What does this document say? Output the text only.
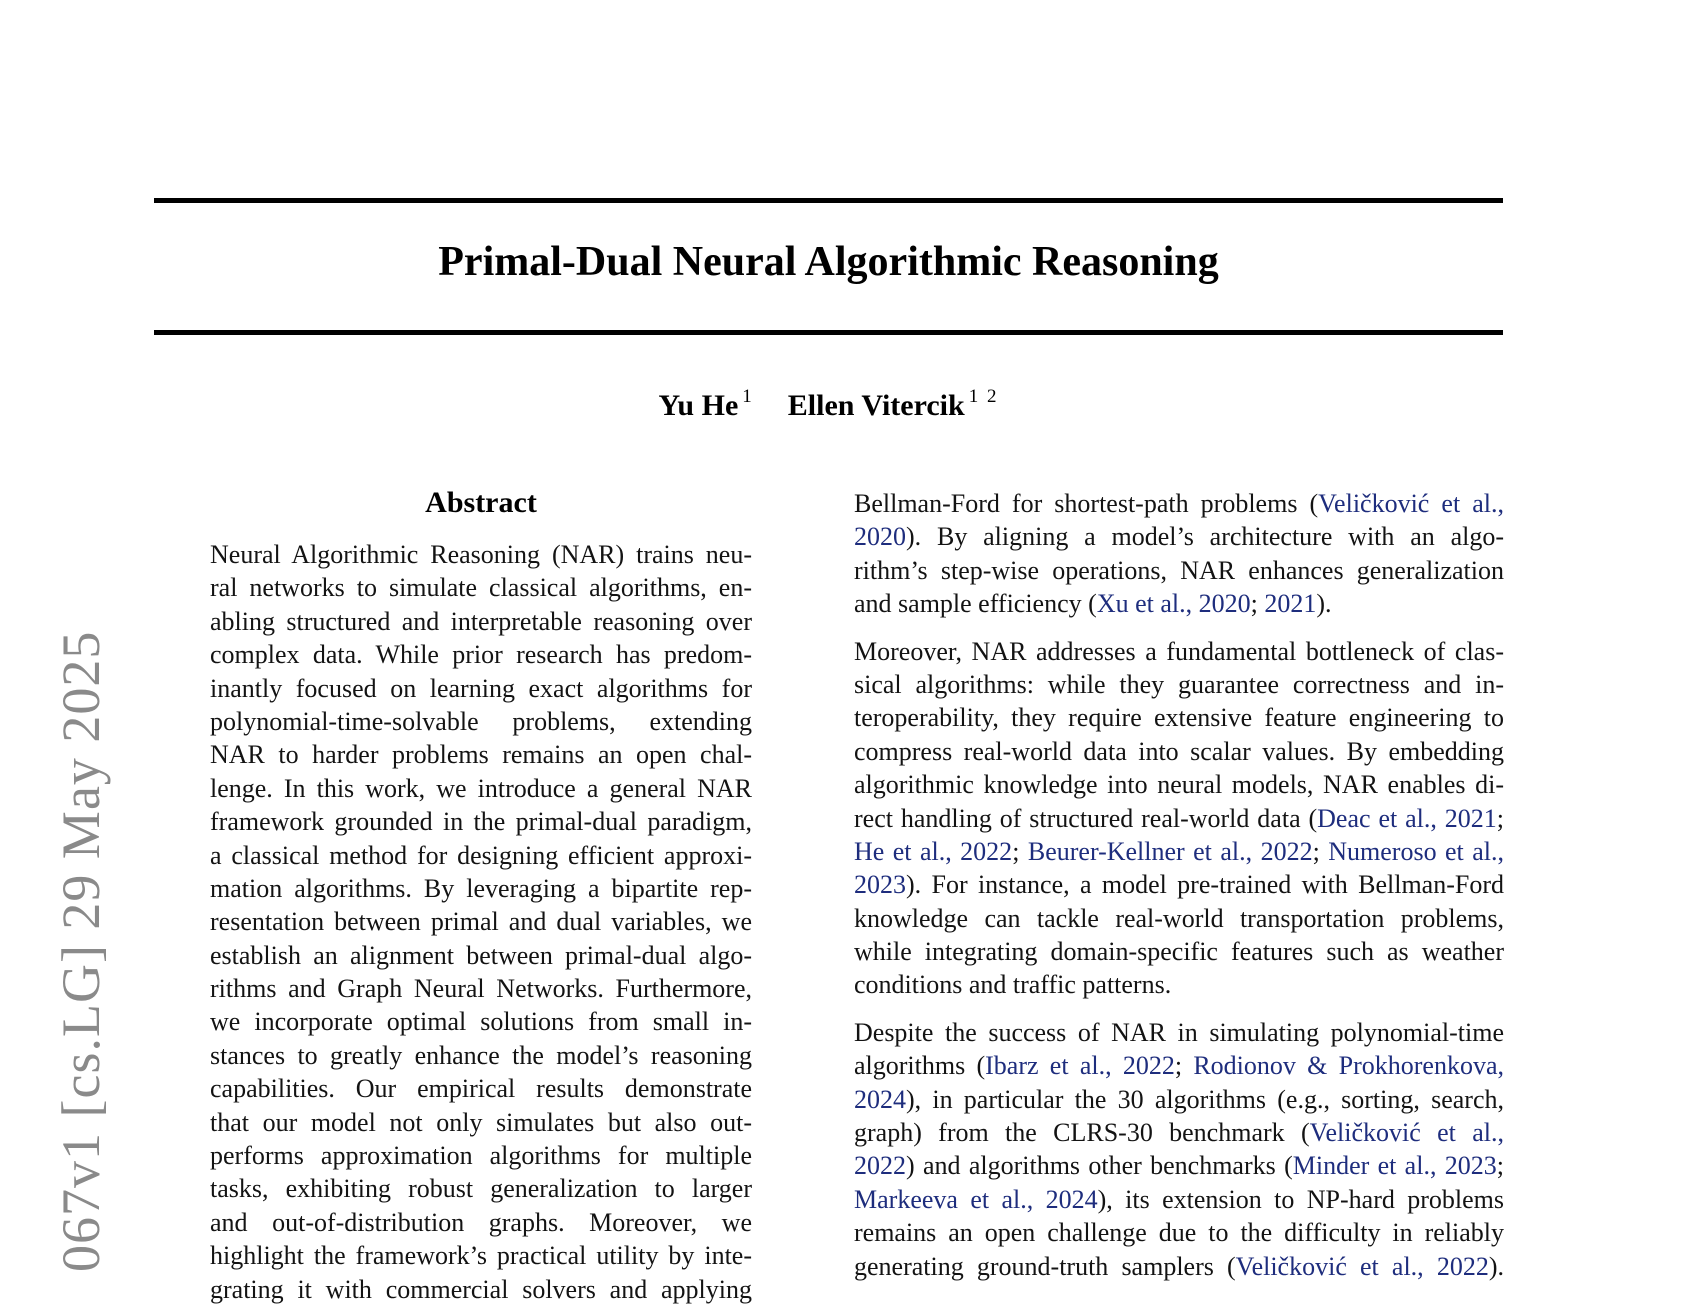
067v1 [cs.LG] 29 May 2025
Primal-Dual Neural Algorithmic Reasoning
Yu He $^1$ Ellen Vitercik $^{1 2}$
Abstract
Neural Algorithmic Reasoning (NAR) trains neu-
ral networks to simulate classical algorithms, en-
abling structured and interpretable reasoning over
complex data. While prior research has predom-
inantly focused on learning exact algorithms for
polynomial-time-solvable problems, extending
NAR to harder problems remains an open chal-
lenge. In this work, we introduce a general NAR
framework grounded in the primal-dual paradigm,
a classical method for designing efficient approxi-
mation algorithms. By leveraging a bipartite rep-
resentation between primal and dual variables, we
establish an alignment between primal-dual algo-
rithms and Graph Neural Networks. Furthermore,
we incorporate optimal solutions from small in-
stances to greatly enhance the model’s reasoning
capabilities. Our empirical results demonstrate
that our model not only simulates but also out-
performs approximation algorithms for multiple
tasks, exhibiting robust generalization to larger
and out-of-distribution graphs. Moreover, we
highlight the framework’s practical utility by inte-
grating it with commercial solvers and applying
Bellman-Ford for shortest-path problems (Veličković et al.,
2020). By aligning a model’s architecture with an algo-
rithm’s step-wise operations, NAR enhances generalization
and sample efficiency (Xu et al., 2020; 2021).
Moreover, NAR addresses a fundamental bottleneck of clas-
sical algorithms: while they guarantee correctness and in-
teroperability, they require extensive feature engineering to
compress real-world data into scalar values. By embedding
algorithmic knowledge into neural models, NAR enables di-
rect handling of structured real-world data (Deac et al., 2021;
He et al., 2022; Beurer-Kellner et al., 2022; Numeroso et al.,
2023). For instance, a model pre-trained with Bellman-Ford
knowledge can tackle real-world transportation problems,
while integrating domain-specific features such as weather
conditions and traffic patterns.
Despite the success of NAR in simulating polynomial-time
algorithms (Ibarz et al., 2022; Rodionov & Prokhorenkova,
2024), in particular the 30 algorithms (e.g., sorting, search,
graph) from the CLRS-30 benchmark (Veličković et al.,
2022) and algorithms other benchmarks (Minder et al., 2023;
Markeeva et al., 2024), its extension to NP-hard problems
remains an open challenge due to the difficulty in reliably
generating ground-truth samplers (Veličković et al., 2022).
